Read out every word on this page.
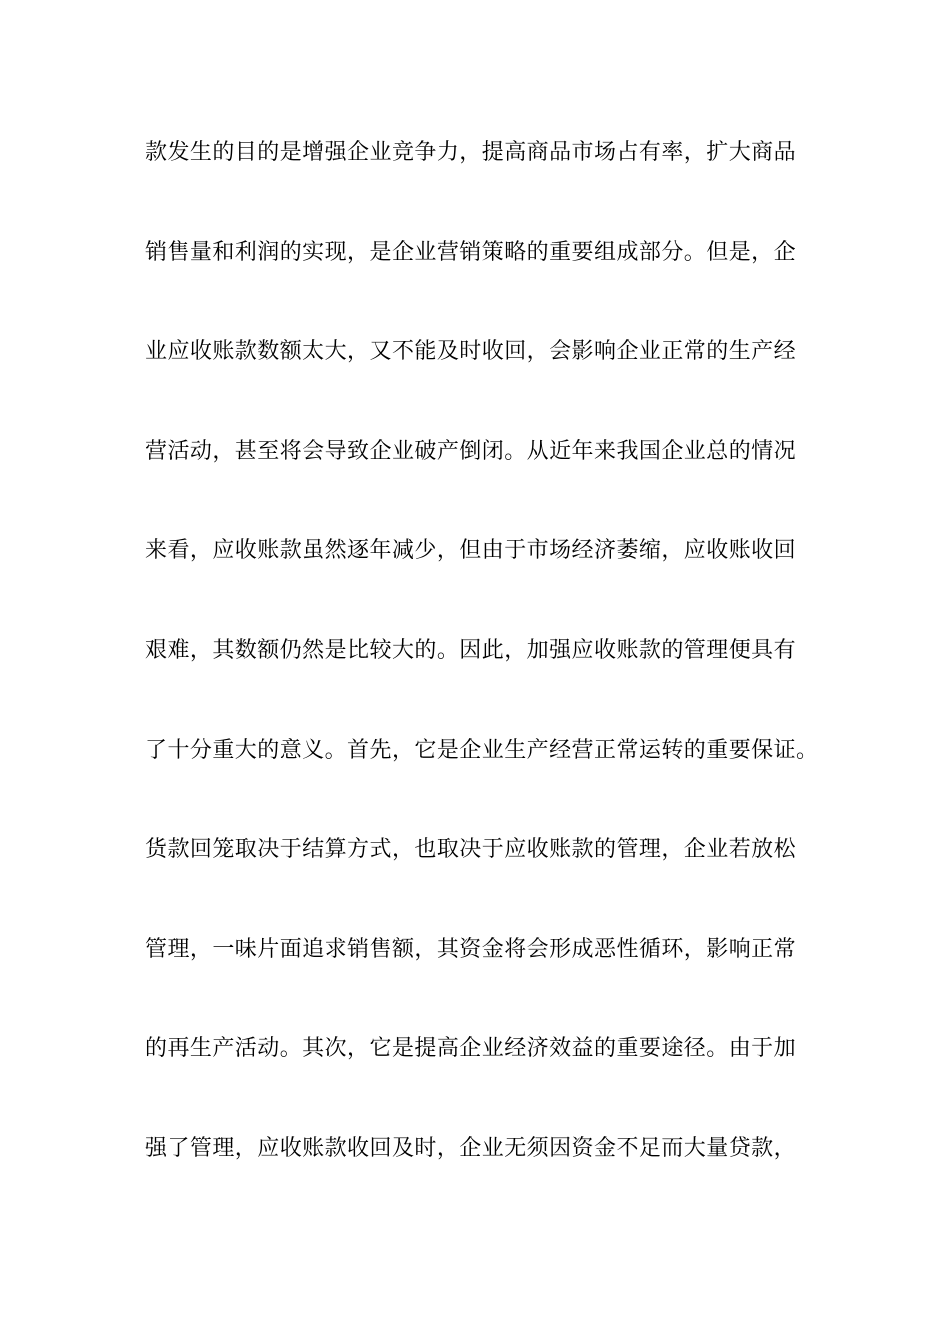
款发生的目的是增强企业竞争力，提高商品市场占有率，扩大商品
销售量和利润的实现，是企业营销策略的重要组成部分。但是，企
业应收账款数额太大，又不能及时收回，会影响企业正常的生产经
营活动，甚至将会导致企业破产倒闭。从近年来我国企业总的情况
来看，应收账款虽然逐年减少，但由于市场经济萎缩，应收账收回
艰难，其数额仍然是比较大的。因此，加强应收账款的管理便具有
了十分重大的意义。首先，它是企业生产经营正常运转的重要保证。
货款回笼取决于结算方式，也取决于应收账款的管理，企业若放松
管理，一味片面追求销售额，其资金将会形成恶性循环，影响正常
的再生产活动。其次，它是提高企业经济效益的重要途径。由于加
强了管理，应收账款收回及时，企业无须因资金不足而大量贷款，
